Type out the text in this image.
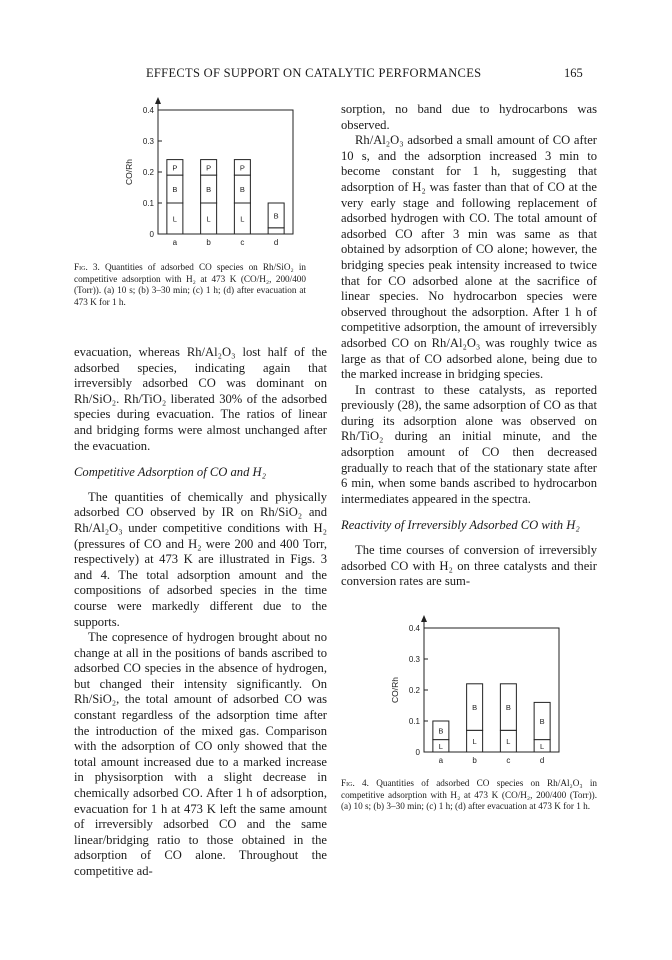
EFFECTS OF SUPPORT ON CATALYTIC PERFORMANCES	165
0.4
0.3
0.2
0.1
0
CO/Rh
L
B
P
a
L
B
P
b
L
B
P
c
B
d
Fig. 3. Quantities of adsorbed CO species on Rh/SiO₂ in competitive adsorption with H₂ at 473 K (CO/H₂, 200/400 (Torr)). (a) 10 s; (b) 3–30 min; (c) 1 h; (d) after evacuation at 473 K for 1 h.

evacuation, whereas Rh/Al₂O₃ lost half of the adsorbed species, indicating again that irreversibly adsorbed CO was dominant on Rh/SiO₂. Rh/TiO₂ liberated 30% of the adsorbed species during evacuation. The ratios of linear and bridging forms were almost unchanged after the evacuation.

Competitive Adsorption of CO and H₂

The quantities of chemically and physically adsorbed CO observed by IR on Rh/SiO₂ and Rh/Al₂O₃ under competitive conditions with H₂ (pressures of CO and H₂ were 200 and 400 Torr, respectively) at 473 K are illustrated in Figs. 3 and 4. The total adsorption amount and the compositions of adsorbed species in the time course were markedly different due to the supports.

The copresence of hydrogen brought about no change at all in the positions of bands ascribed to adsorbed CO species in the absence of hydrogen, but changed their intensity significantly. On Rh/SiO₂, the total amount of adsorbed CO was constant regardless of the adsorption time after the introduction of the mixed gas. Comparison with the adsorption of CO only showed that the total amount increased due to a marked increase in physisorption with a slight decrease in chemically adsorbed CO. After 1 h of adsorption, evacuation for 1 h at 473 K left the same amount of irreversibly adsorbed CO and the same linear/bridging ratio to those obtained in the adsorption of CO alone. Throughout the competitive ad-

sorption, no band due to hydrocarbons was observed.

Rh/Al₂O₃ adsorbed a small amount of CO after 10 s, and the adsorption increased 3 min to become constant for 1 h, suggesting that adsorption of H₂ was faster than that of CO at the very early stage and following replacement of adsorbed hydrogen with CO. The total amount of adsorbed CO after 3 min was same as that obtained by adsorption of CO alone; however, the bridging species peak intensity increased to twice that for CO adsorbed alone at the sacrifice of linear species. No hydrocarbon species were observed throughout the adsorption. After 1 h of competitive adsorption, the amount of irreversibly adsorbed CO on Rh/Al₂O₃ was roughly twice as large as that of CO adsorbed alone, being due to the marked increase in bridging species.

In contrast to these catalysts, as reported previously (28), the same adsorption of CO as that during its adsorption alone was observed on Rh/TiO₂ during an initial minute, and the adsorption amount of CO then decreased gradually to reach that of the stationary state after 6 min, when some bands ascribed to hydrocarbon intermediates appeared in the spectra.

Reactivity of Irreversibly Adsorbed CO with H₂

The time courses of conversion of irreversibly adsorbed CO with H₂ on three catalysts and their conversion rates are sum-

0.4
0.3
0.2
0.1
0
CO/Rh
L
B
a
L
B
b
L
B
c
L
B
d
Fig. 4. Quantities of adsorbed CO species on Rh/Al₂O₃ in competitive adsorption with H₂ at 473 K (CO/H₂, 200/400 (Torr)). (a) 10 s; (b) 3–30 min; (c) 1 h; (d) after evacuation at 473 K for 1 h.
